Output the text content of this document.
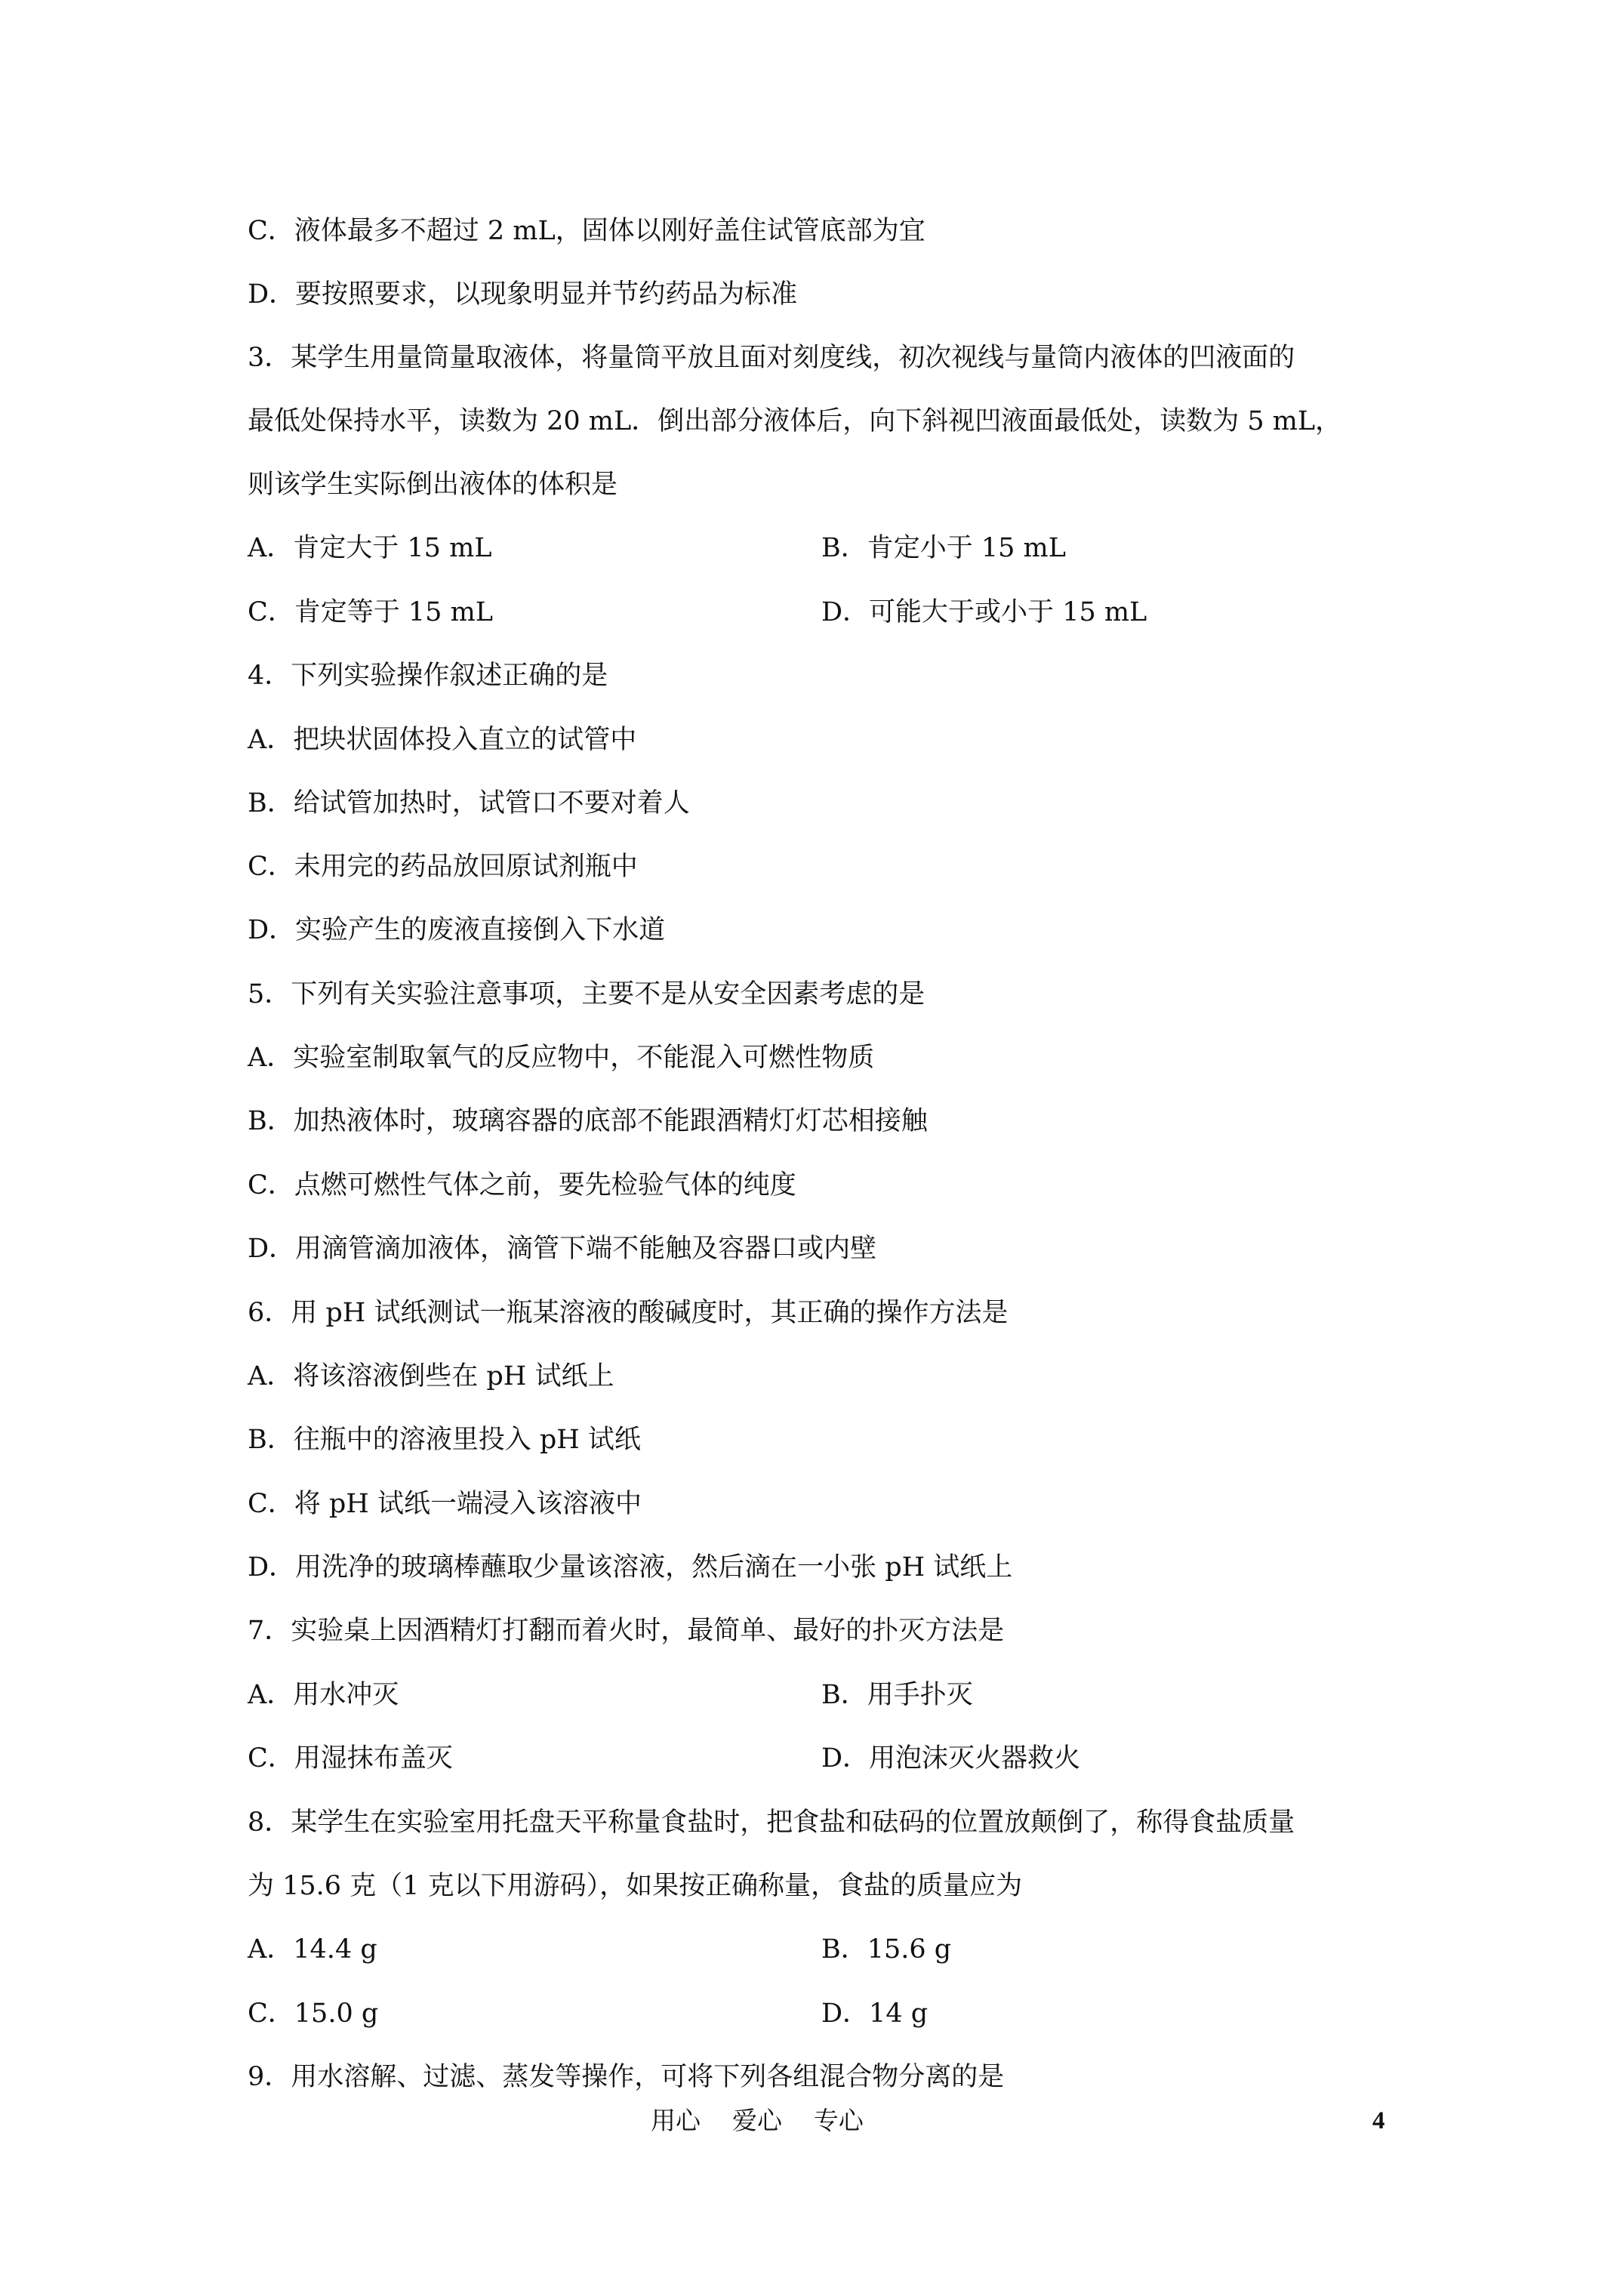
C．液体最多不超过 2 mL，固体以刚好盖住试管底部为宜
D．要按照要求，以现象明显并节约药品为标准
3．某学生用量筒量取液体，将量筒平放且面对刻度线，初次视线与量筒内液体的凹液面的
最低处保持水平，读数为 20 mL．倒出部分液体后，向下斜视凹液面最低处，读数为 5 mL，
则该学生实际倒出液体的体积是
A．肯定大于 15 mL	B．肯定小于 15 mL
C．肯定等于 15 mL	D．可能大于或小于 15 mL
4．下列实验操作叙述正确的是
A．把块状固体投入直立的试管中
B．给试管加热时，试管口不要对着人
C．未用完的药品放回原试剂瓶中
D．实验产生的废液直接倒入下水道
5．下列有关实验注意事项，主要不是从安全因素考虑的是
A．实验室制取氧气的反应物中，不能混入可燃性物质
B．加热液体时，玻璃容器的底部不能跟酒精灯灯芯相接触
C．点燃可燃性气体之前，要先检验气体的纯度
D．用滴管滴加液体，滴管下端不能触及容器口或内壁
6．用 pH 试纸测试一瓶某溶液的酸碱度时，其正确的操作方法是
A．将该溶液倒些在 pH 试纸上
B．往瓶中的溶液里投入 pH 试纸
C．将 pH 试纸一端浸入该溶液中
D．用洗净的玻璃棒蘸取少量该溶液，然后滴在一小张 pH 试纸上
7．实验桌上因酒精灯打翻而着火时，最简单、最好的扑灭方法是
A．用水冲灭	B．用手扑灭
C．用湿抹布盖灭	D．用泡沫灭火器救火
8．某学生在实验室用托盘天平称量食盐时，把食盐和砝码的位置放颠倒了，称得食盐质量
为 15.6 克（1 克以下用游码），如果按正确称量，食盐的质量应为
A．14.4 g	B．15.6 g
C．15.0 g	D．14 g
9．用水溶解、过滤、蒸发等操作，可将下列各组混合物分离的是
用心    爱心    专心	4
